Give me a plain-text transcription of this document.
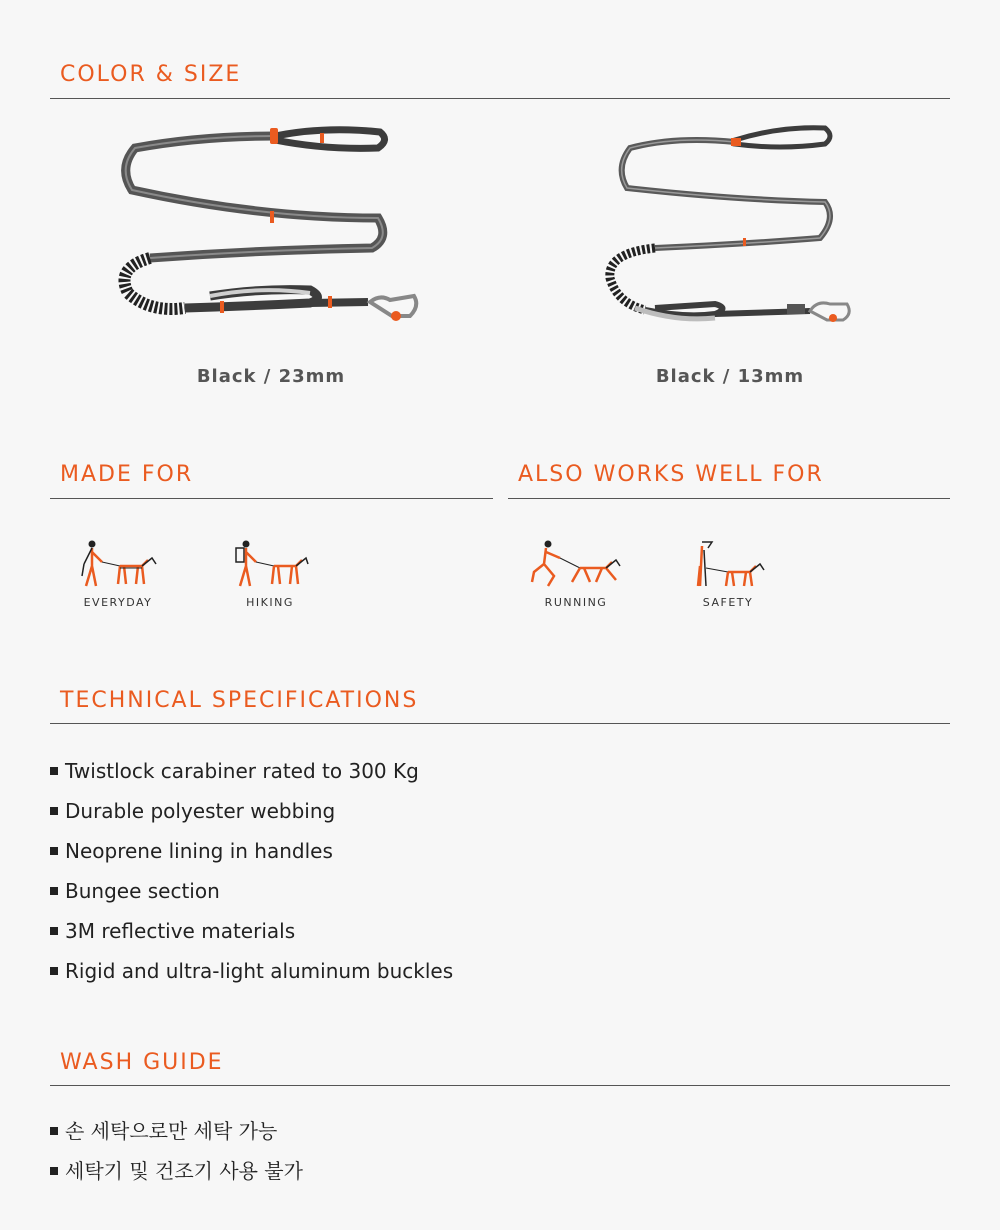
COLOR & SIZE
Black / 23mm	Black / 13mm
MADE FOR	ALSO WORKS WELL FOR
EVERYDAY	HIKING	RUNNING	SAFETY
TECHNICAL SPECIFICATIONS
Twistlock carabiner rated to 300 Kg
Durable polyester webbing
Neoprene lining in handles
Bungee section
3M reflective materials
Rigid and ultra-light aluminum buckles
WASH GUIDE
손 세탁으로만 세탁 가능
세탁기 및 건조기 사용 불가
